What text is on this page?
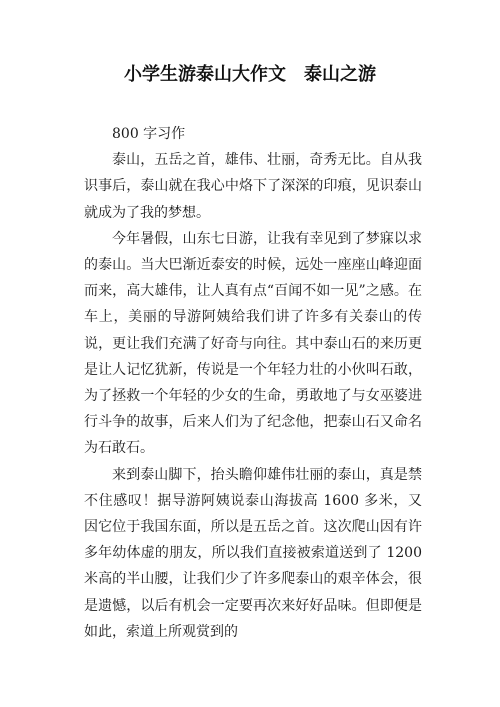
小学生游泰山大作文　泰山之游

800 字习作

泰山，五岳之首，雄伟、壮丽，奇秀无比。自从我识事后，泰山就在我心中烙下了深深的印痕，见识泰山就成为了我的梦想。

今年暑假，山东七日游，让我有幸见到了梦寐以求的泰山。当大巴渐近泰安的时候，远处一座座山峰迎面而来，高大雄伟，让人真有点“百闻不如一见”之感。在车上，美丽的导游阿姨给我们讲了许多有关泰山的传说，更让我们充满了好奇与向往。其中泰山石的来历更是让人记忆犹新，传说是一个年轻力壮的小伙叫石敢，为了拯救一个年轻的少女的生命，勇敢地了与女巫婆进行斗争的故事，后来人们为了纪念他，把泰山石又命名为石敢石。

来到泰山脚下，抬头瞻仰雄伟壮丽的泰山，真是禁不住感叹！据导游阿姨说泰山海拔高 1600 多米，又因它位于我国东面，所以是五岳之首。这次爬山因有许多年幼体虚的朋友，所以我们直接被索道送到了 1200 米高的半山腰，让我们少了许多爬泰山的艰辛体会，很是遗憾，以后有机会一定要再次来好好品味。但即便是如此，索道上所观赏到的
